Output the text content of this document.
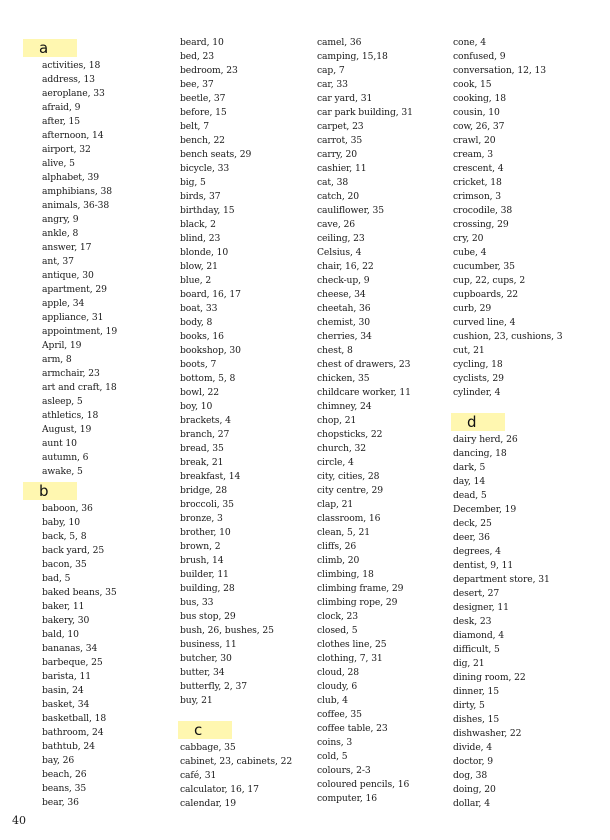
a
activities, 18
address, 13
aeroplane, 33
afraid, 9
after, 15
afternoon, 14
airport, 32
alive, 5
alphabet, 39
amphibians, 38
animals, 36-38
angry, 9
ankle, 8
answer, 17
ant, 37
antique, 30
apartment, 29
apple, 34
appliance, 31
appointment, 19
April, 19
arm, 8
armchair, 23
art and craft, 18
asleep, 5
athletics, 18
August, 19
aunt 10
autumn, 6
awake, 5
b
baboon, 36
baby, 10
back, 5, 8
back yard, 25
bacon, 35
bad, 5
baked beans, 35
baker, 11
bakery, 30
bald, 10
bananas, 34
barbeque, 25
barista, 11
basin, 24
basket, 34
basketball, 18
bathroom, 24
bathtub, 24
bay, 26
beach, 26
beans, 35
bear, 36
beard, 10
bed, 23
bedroom, 23
bee, 37
beetle, 37
before, 15
belt, 7
bench, 22
bench seats, 29
bicycle, 33
big, 5
birds, 37
birthday, 15
black, 2
blind, 23
blonde, 10
blow, 21
blue, 2
board, 16, 17
boat, 33
body, 8
books, 16
bookshop, 30
boots, 7
bottom, 5, 8
bowl, 22
boy, 10
brackets, 4
branch, 27
bread, 35
break, 21
breakfast, 14
bridge, 28
broccoli, 35
bronze, 3
brother, 10
brown, 2
brush, 14
builder, 11
building, 28
bus, 33
bus stop, 29
bush, 26, bushes, 25
business, 11
butcher, 30
butter, 34
butterfly, 2, 37
buy, 21
c
cabbage, 35
cabinet, 23, cabinets, 22
café, 31
calculator, 16, 17
calendar, 19
camel, 36
camping, 15,18
cap, 7
car, 33
car yard, 31
car park building, 31
carpet, 23
carrot, 35
carry, 20
cashier, 11
cat, 38
catch, 20
cauliflower, 35
cave, 26
ceiling, 23
Celsius, 4
chair, 16, 22
check-up, 9
cheese, 34
cheetah, 36
chemist, 30
cherries, 34
chest, 8
chest of drawers, 23
chicken, 35
childcare worker, 11
chimney, 24
chop, 21
chopsticks, 22
church, 32
circle, 4
city, cities, 28
city centre, 29
clap, 21
classroom, 16
clean, 5, 21
cliffs, 26
climb, 20
climbing, 18
climbing frame, 29
climbing rope, 29
clock, 23
closed, 5
clothes line, 25
clothing, 7, 31
cloud, 28
cloudy, 6
club, 4
coffee, 35
coffee table, 23
coins, 3
cold, 5
colours, 2-3
coloured pencils, 16
computer, 16
cone, 4
confused, 9
conversation, 12, 13
cook, 15
cooking, 18
cousin, 10
cow, 26, 37
crawl, 20
cream, 3
crescent, 4
cricket, 18
crimson, 3
crocodile, 38
crossing, 29
cry, 20
cube, 4
cucumber, 35
cup, 22, cups, 2
cupboards, 22
curb, 29
curved line, 4
cushion, 23, cushions, 3
cut, 21
cycling, 18
cyclists, 29
cylinder, 4
d
dairy herd, 26
dancing, 18
dark, 5
day, 14
dead, 5
December, 19
deck, 25
deer, 36
degrees, 4
dentist, 9, 11
department store, 31
desert, 27
designer, 11
desk, 23
diamond, 4
difficult, 5
dig, 21
dining room, 22
dinner, 15
dirty, 5
dishes, 15
dishwasher, 22
divide, 4
doctor, 9
dog, 38
doing, 20
dollar, 4
40
